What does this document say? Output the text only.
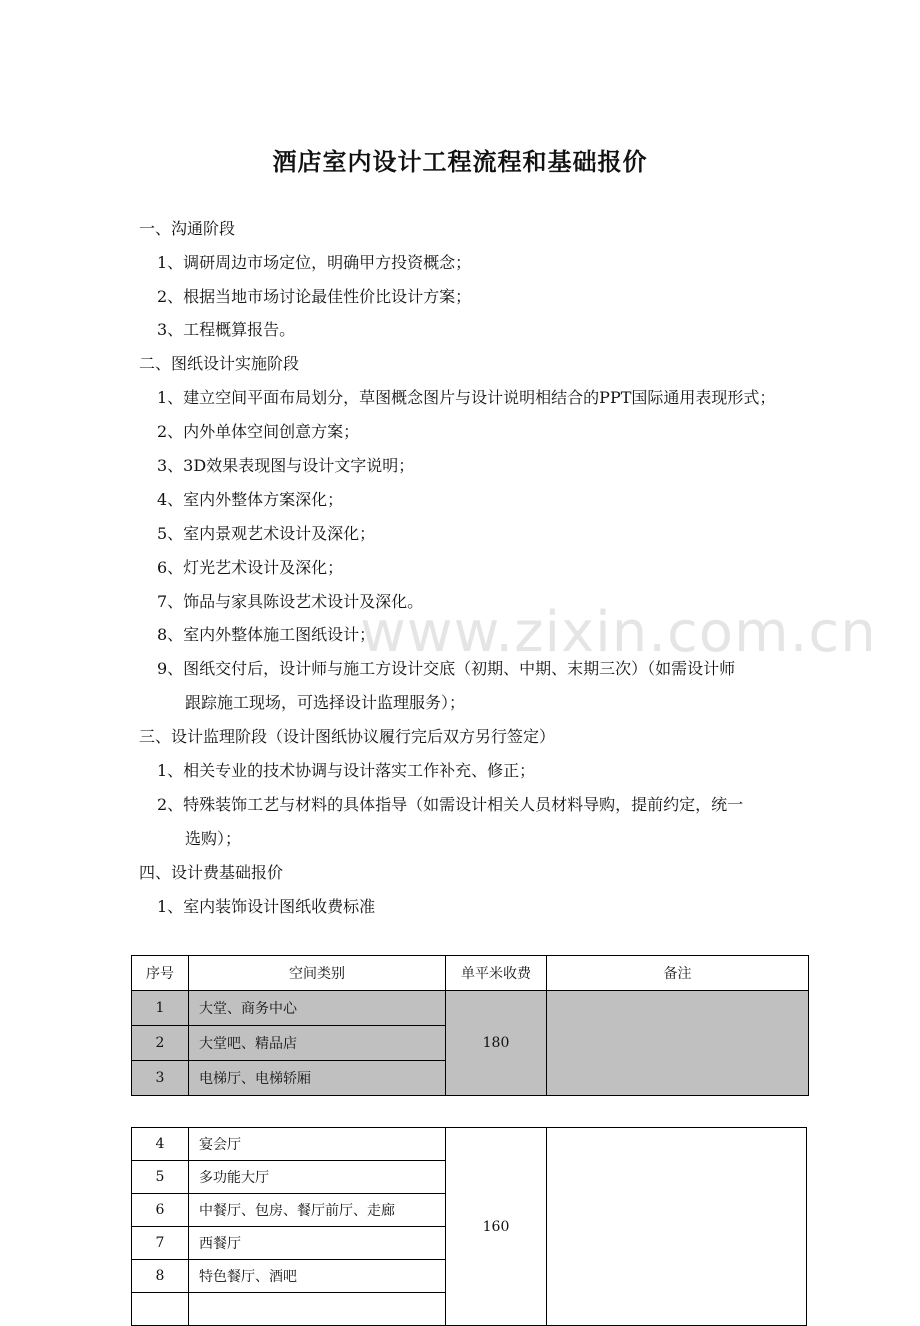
酒店室内设计工程流程和基础报价
一、沟通阶段
1、调研周边市场定位，明确甲方投资概念；
2、根据当地市场讨论最佳性价比设计方案；
3、工程概算报告。
二、图纸设计实施阶段
1、建立空间平面布局划分，草图概念图片与设计说明相结合的PPT国际通用表现形式；
2、内外单体空间创意方案；
3、3D效果表现图与设计文字说明；
4、室内外整体方案深化；
5、室内景观艺术设计及深化；
6、灯光艺术设计及深化；
7、饰品与家具陈设艺术设计及深化。
8、室内外整体施工图纸设计；
9、图纸交付后，设计师与施工方设计交底（初期、中期、末期三次）（如需设计师
跟踪施工现场，可选择设计监理服务）；
三、设计监理阶段（设计图纸协议履行完后双方另行签定）
1、相关专业的技术协调与设计落实工作补充、修正；
2、特殊装饰工艺与材料的具体指导（如需设计相关人员材料导购，提前约定，统一
选购）；
四、设计费基础报价
1、室内装饰设计图纸收费标准
www.zixin.com.cn
序号	空间类别	单平米收费	备注
1	大堂、商务中心	180	
2	大堂吧、精品店		
3	电梯厅、电梯轿厢		
4	宴会厅	160	
5	多功能大厅		
6	中餐厅、包房、餐厅前厅、走廊		
7	西餐厅		
8	特色餐厅、酒吧		
